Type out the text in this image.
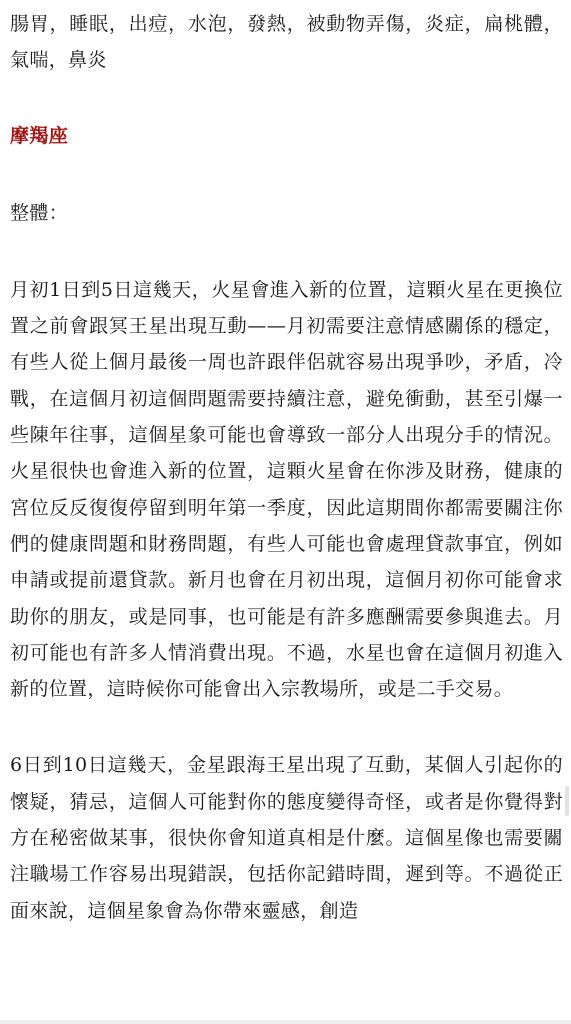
腸胃，睡眠，出痘，水泡，發熱，被動物弄傷，炎症，扁桃體，氣喘，鼻炎

摩羯座

整體：

月初1日到5日這幾天，火星會進入新的位置，這顆火星在更換位置之前會跟冥王星出現互動——月初需要注意情感關係的穩定，有些人從上個月最後一周也許跟伴侶就容易出現爭吵，矛盾，冷戰，在這個月初這個問題需要持續注意，避免衝動，甚至引爆一些陳年往事，這個星象可能也會導致一部分人出現分手的情況。火星很快也會進入新的位置，這顆火星會在你涉及財務，健康的宮位反反復復停留到明年第一季度，因此這期間你都需要關注你們的健康問題和財務問題，有些人可能也會處理貸款事宜，例如申請或提前還貸款。新月也會在月初出現，這個月初你可能會求助你的朋友，或是同事，也可能是有許多應酬需要參與進去。月初可能也有許多人情消費出現。不過，水星也會在這個月初進入新的位置，這時候你可能會出入宗教場所，或是二手交易。

6日到10日這幾天，金星跟海王星出現了互動，某個人引起你的懷疑，猜忌，這個人可能對你的態度變得奇怪，或者是你覺得對方在秘密做某事，很快你會知道真相是什麼。這個星像也需要關注職場工作容易出現錯誤，包括你記錯時間，遲到等。不過從正面來說，這個星象會為你帶來靈感，創造
